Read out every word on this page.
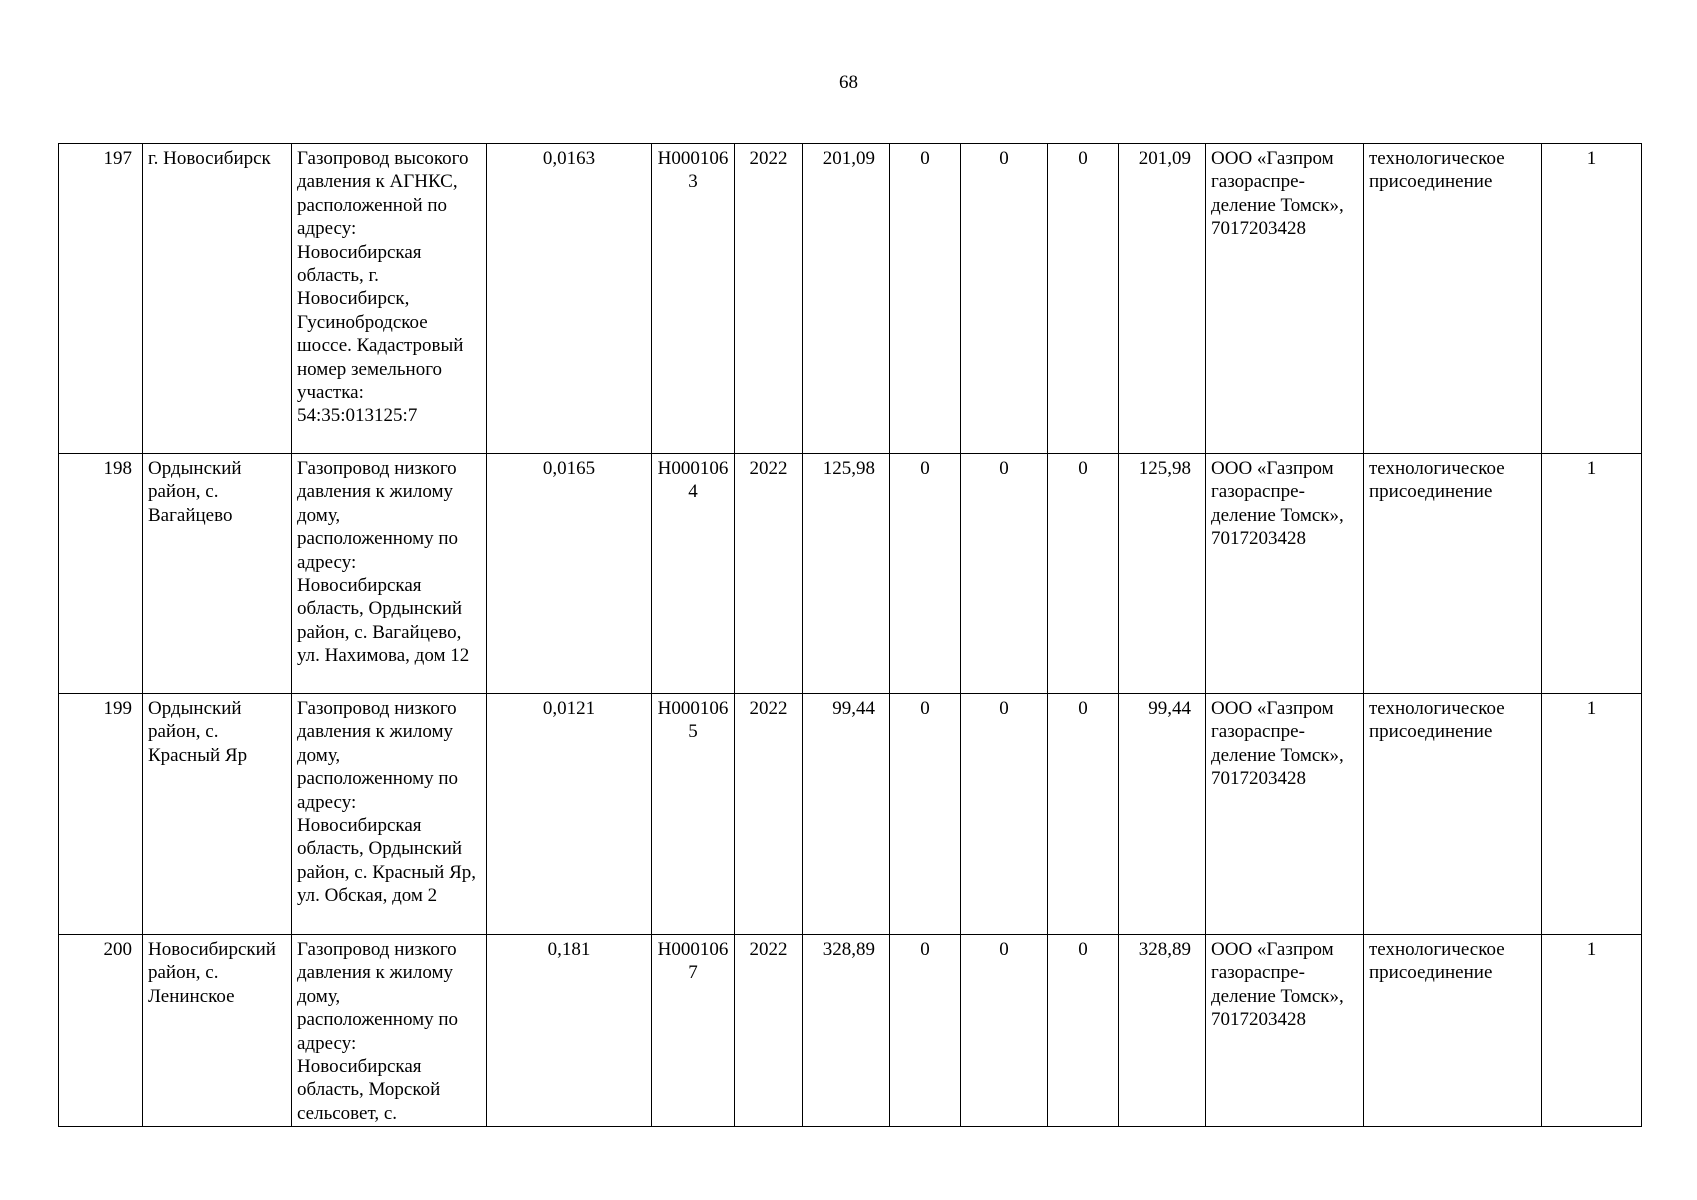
68
197	г. Новосибирск	Газопровод высокого давления к АГНКС, расположенной по адресу: Новосибирская область, г. Новосибирск, Гусинобродское шоссе. Кадастровый номер земельного участка: 54:35:013125:7	0,0163	Н0001063	2022	201,09	0	0	0	201,09	ООО «Газпром газораспре-деление Томск», 7017203428	технологическое присоединение	1
198	Ордынский район, с. Вагайцево	Газопровод низкого давления к жилому дому, расположенному по адресу: Новосибирская область, Ордынский район, с. Вагайцево, ул. Нахимова, дом 12	0,0165	Н0001064	2022	125,98	0	0	0	125,98	ООО «Газпром газораспре-деление Томск», 7017203428	технологическое присоединение	1
199	Ордынский район, с. Красный Яр	Газопровод низкого давления к жилому дому, расположенному по адресу: Новосибирская область, Ордынский район, с. Красный Яр, ул. Обская, дом 2	0,0121	Н0001065	2022	99,44	0	0	0	99,44	ООО «Газпром газораспре-деление Томск», 7017203428	технологическое присоединение	1
200	Новосибирский район, с. Ленинское	Газопровод низкого давления к жилому дому, расположенному по адресу: Новосибирская область, Морской сельсовет, с.	0,181	Н0001067	2022	328,89	0	0	0	328,89	ООО «Газпром газораспре-деление Томск», 7017203428	технологическое присоединение	1
